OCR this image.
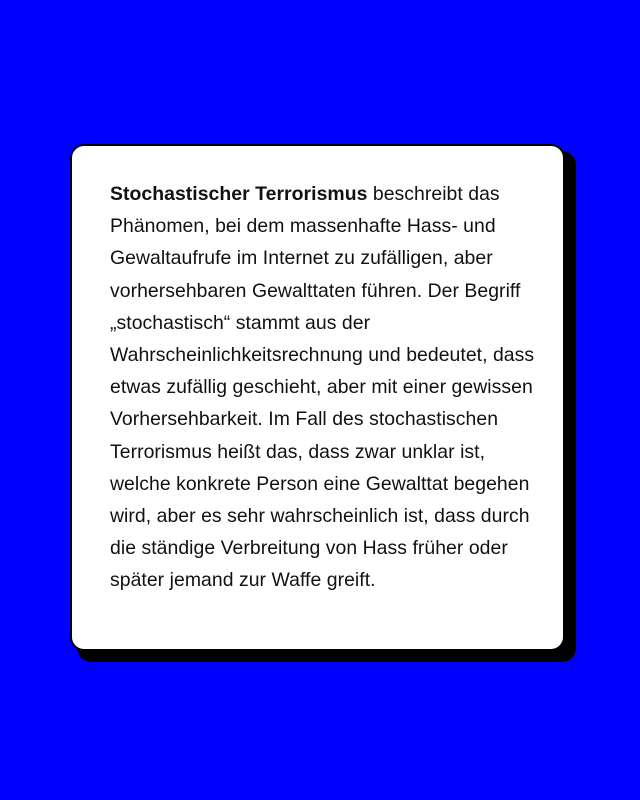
Stochastischer Terrorismus beschreibt das Phänomen, bei dem massenhafte Hass- und Gewaltaufrufe im Internet zu zufälligen, aber vorhersehbaren Gewalttaten führen. Der Begriff „stochastisch“ stammt aus der Wahrscheinlichkeitsrechnung und bedeutet, dass etwas zufällig geschieht, aber mit einer gewissen Vorhersehbarkeit. Im Fall des stochastischen Terrorismus heißt das, dass zwar unklar ist, welche konkrete Person eine Gewalttat begehen wird, aber es sehr wahrscheinlich ist, dass durch die ständige Verbreitung von Hass früher oder später jemand zur Waffe greift.
